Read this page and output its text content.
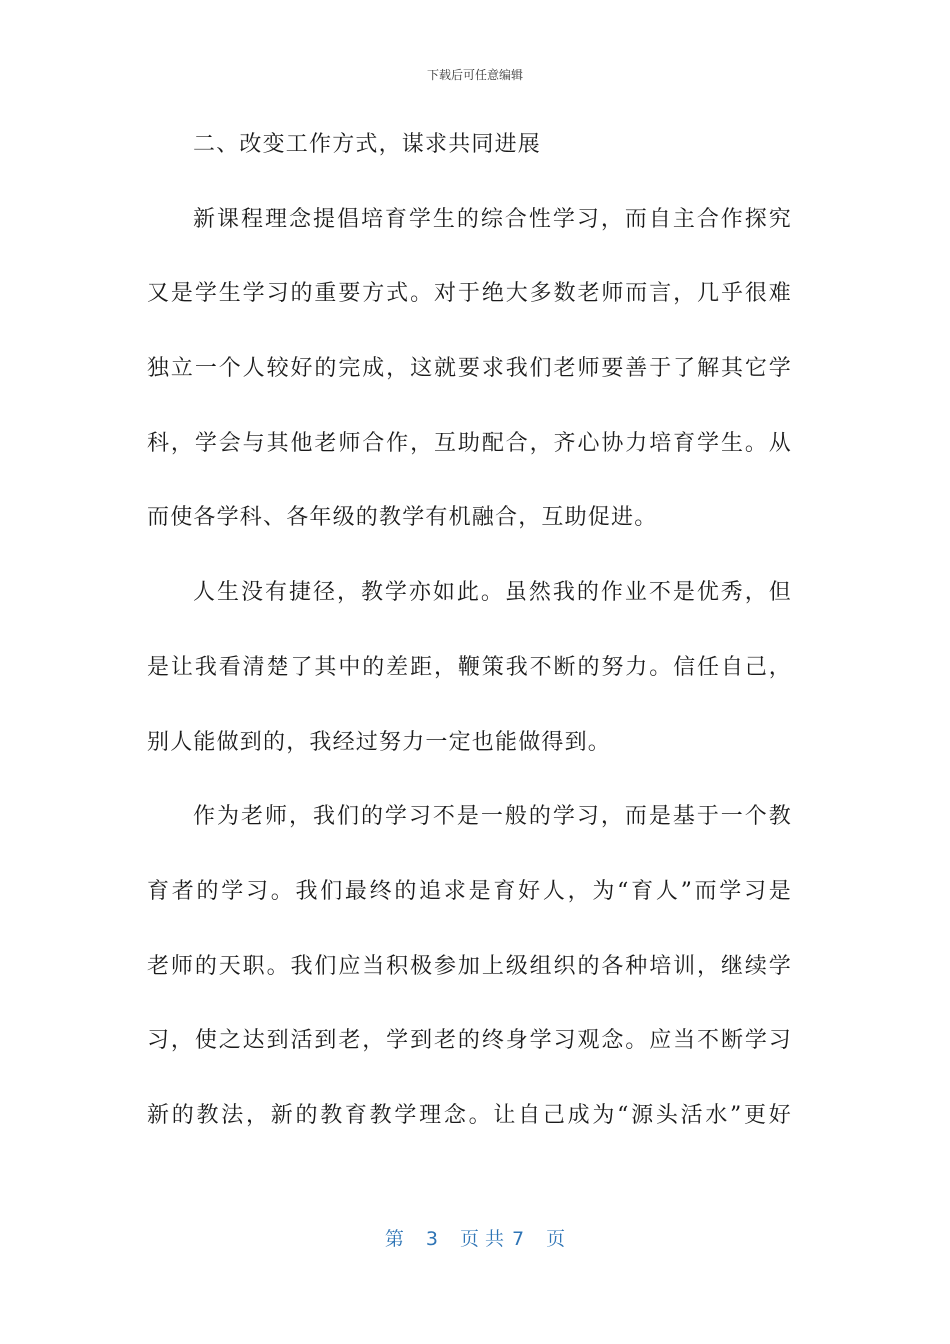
下载后可任意编辑
二、改变工作方式，谋求共同进展
新课程理念提倡培育学生的综合性学习，而自主合作探究
又是学生学习的重要方式。对于绝大多数老师而言，几乎很难
独立一个人较好的完成，这就要求我们老师要善于了解其它学
科，学会与其他老师合作，互助配合，齐心协力培育学生。从
而使各学科、各年级的教学有机融合，互助促进。
人生没有捷径，教学亦如此。虽然我的作业不是优秀，但
是让我看清楚了其中的差距，鞭策我不断的努力。信任自己，
别人能做到的，我经过努力一定也能做得到。
作为老师，我们的学习不是一般的学习，而是基于一个教
育者的学习。我们最终的追求是育好人，为“育人”而学习是
老师的天职。我们应当积极参加上级组织的各种培训，继续学
习，使之达到活到老，学到老的终身学习观念。应当不断学习
新的教法，新的教育教学理念。让自己成为“源头活水”更好
第 3 页 共 7 页
